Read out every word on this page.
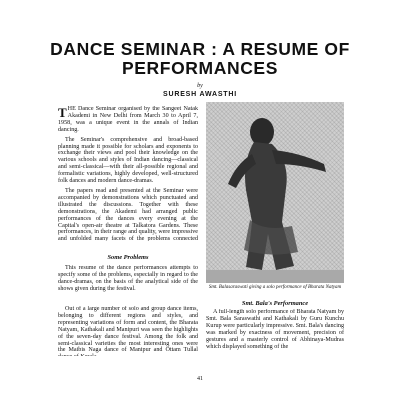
DANCE SEMINAR : A RESUME OF
PERFORMANCES
by
SURESH AWASTHI

THE Dance Seminar organised by the Sangeet Natak Akademi in New Delhi from March 30 to April 7, 1958, was a unique event in the annals of Indian dancing.

The Seminar's comprehensive and broad-based planning made it possible for scholars and exponents to exchange their views and pool their knowledge on the various schools and styles of Indian dancing—classical and semi-classical—with their all-possible regional and formalistic variations, highly developed, well-structured folk dances and modern dance-dramas.

The papers read and presented at the Seminar were accompanied by demonstrations which punctuated and illustrated the discussions. Together with these demonstrations, the Akademi had arranged public performances of the dances every evening at the Capital's open-air theatre at Talkatora Gardens. These performances, in their range and quality, were impressive and unfolded many facets of the problems connected

Some Problems

This resume of the dance performances attempts to specify some of the problems, especially in regard to the dance-dramas, on the basis of the analytical side of the shows given during the festival.

Out of a large number of solo and group dance items, belonging to different regions and styles, and representing variations of form and content, the Bharata Natyam, Kathakali and Manipuri was seen the highlights of the seven-day dance festival. Among the folk and semi-classical varieties the most interesting ones were the Maibis Naga dance of Manipur and Ottam Tullal

Smt. Balasaraswati giving a solo performance of Bharata Natyam

Smt. Bala's Performance

A full-length solo performance of Bharata Natyam by Smt. Bala Saraswathi and Kathakali by Guru Kunchu Kurup were particularly impressive. Smt. Bala's dancing was marked by exactness of movement, precision of gestures and a masterly control of Abhinaya-Mudras which displayed something of the

41
